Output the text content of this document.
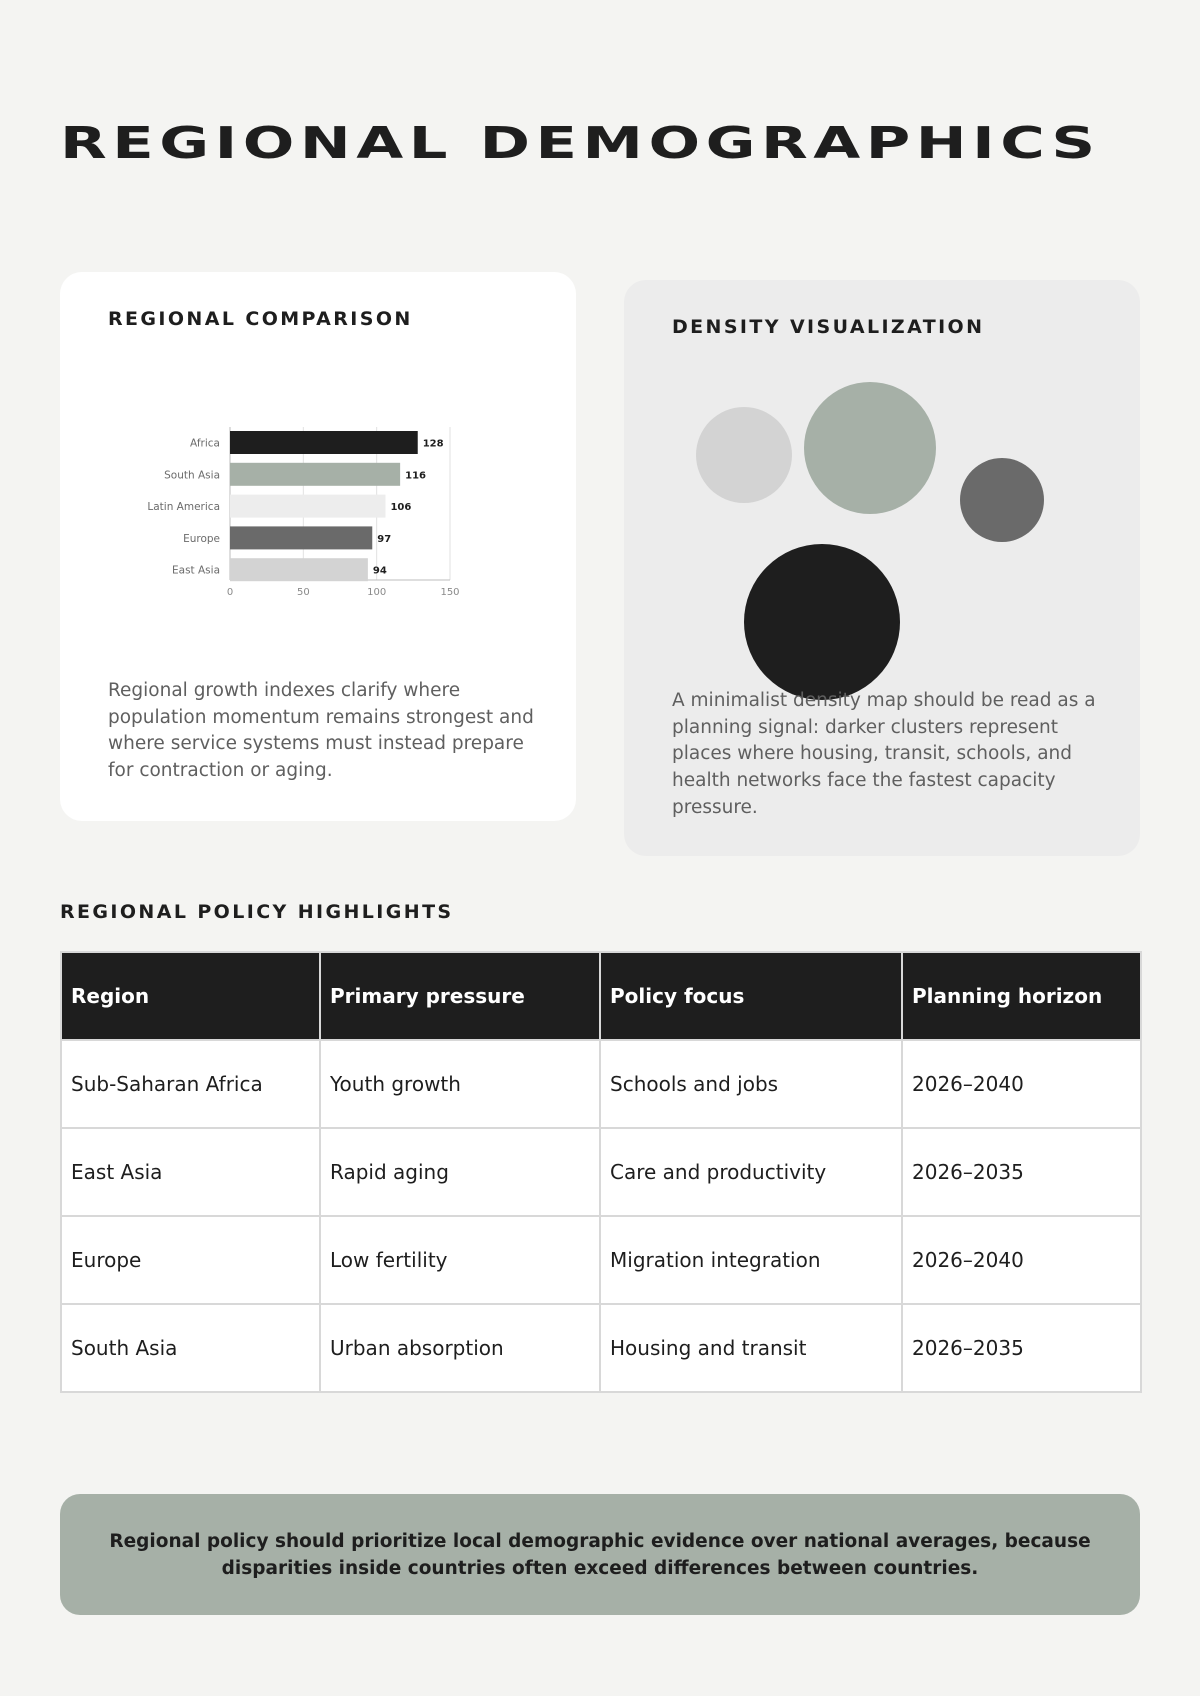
REGIONAL DEMOGRAPHICS
REGIONAL COMPARISON
0	50	100	150
Africa	128
South Asia	116
Latin America	106
Europe	97
East Asia	94

Regional growth indexes clarify where population momentum remains strongest and where service systems must instead prepare for contraction or aging.

DENSITY VISUALIZATION

A minimalist density map should be read as a planning signal: darker clusters represent places where housing, transit, schools, and health networks face the fastest capacity pressure.

REGIONAL POLICY HIGHLIGHTS
Region	Primary pressure	Policy focus	Planning horizon
Sub-Saharan Africa	Youth growth	Schools and jobs	2026–2040
East Asia	Rapid aging	Care and productivity	2026–2035
Europe	Low fertility	Migration integration	2026–2040
South Asia	Urban absorption	Housing and transit	2026–2035

Regional policy should prioritize local demographic evidence over national averages, because disparities inside countries often exceed differences between countries.
